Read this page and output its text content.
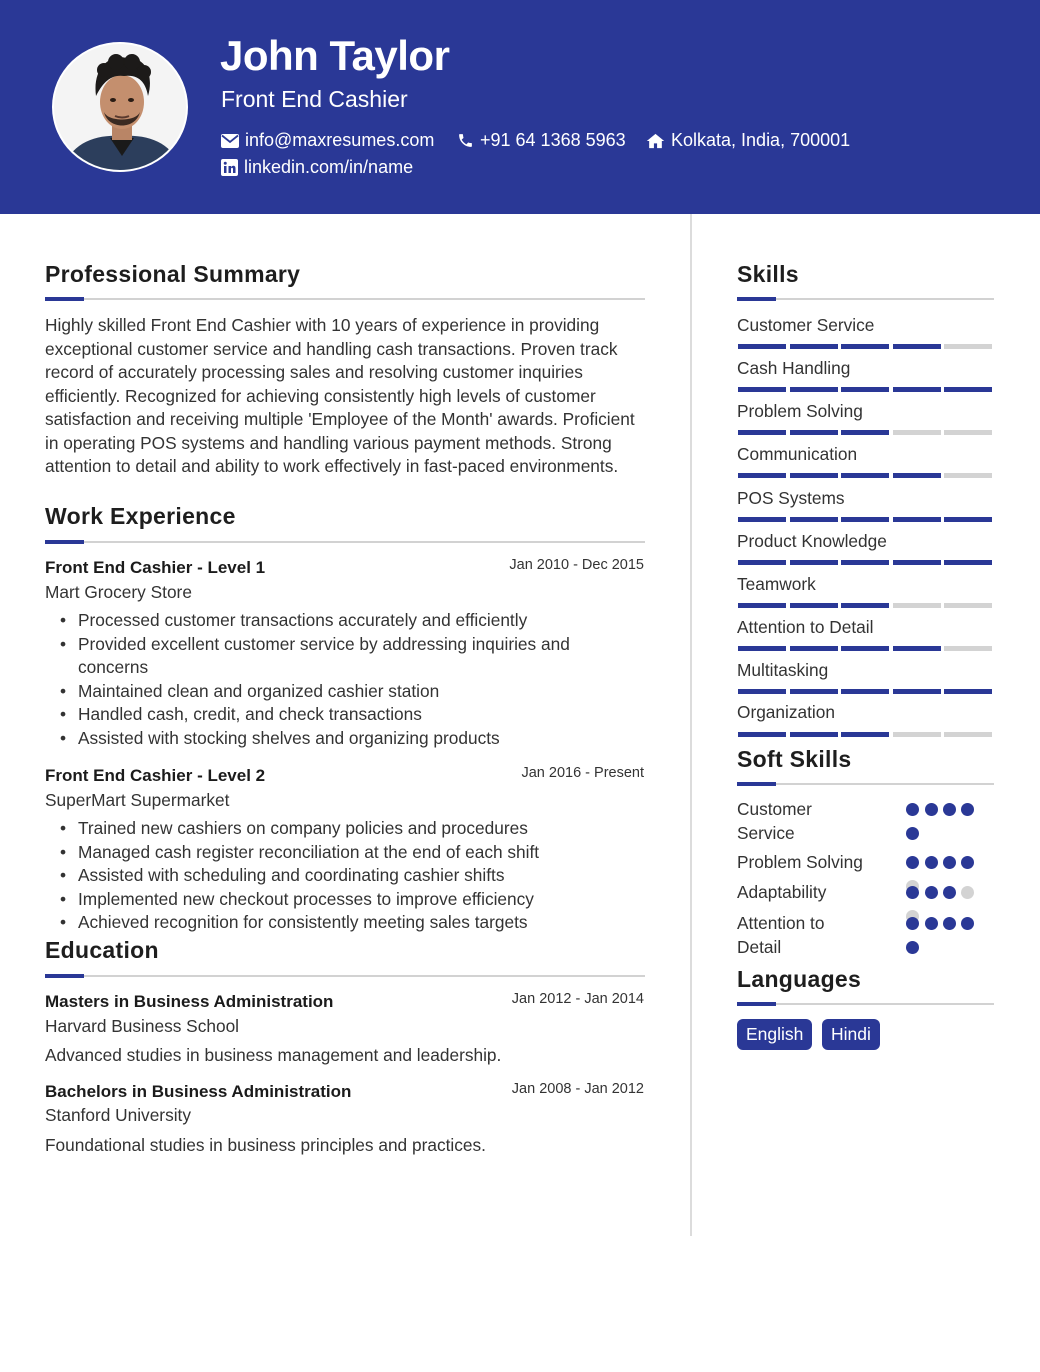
John Taylor
Front End Cashier
info@maxresumes.com	+91 64 1368 5963	Kolkata, India, 700001
linkedin.com/in/name
Professional Summary
Highly skilled Front End Cashier with 10 years of experience in providing exceptional customer service and handling cash transactions. Proven track record of accurately processing sales and resolving customer inquiries efficiently. Recognized for achieving consistently high levels of customer satisfaction and receiving multiple 'Employee of the Month' awards. Proficient in operating POS systems and handling various payment methods. Strong attention to detail and ability to work effectively in fast-paced environments.
Work Experience
Front End Cashier - Level 1	Jan 2010 - Dec 2015
Mart Grocery Store
• Processed customer transactions accurately and efficiently
• Provided excellent customer service by addressing inquiries and concerns
• Maintained clean and organized cashier station
• Handled cash, credit, and check transactions
• Assisted with stocking shelves and organizing products
Front End Cashier - Level 2	Jan 2016 - Present
SuperMart Supermarket
• Trained new cashiers on company policies and procedures
• Managed cash register reconciliation at the end of each shift
• Assisted with scheduling and coordinating cashier shifts
• Implemented new checkout processes to improve efficiency
• Achieved recognition for consistently meeting sales targets
Education
Masters in Business Administration	Jan 2012 - Jan 2014
Harvard Business School
Advanced studies in business management and leadership.
Bachelors in Business Administration	Jan 2008 - Jan 2012
Stanford University
Foundational studies in business principles and practices.
Skills
Customer Service
Cash Handling
Problem Solving
Communication
POS Systems
Product Knowledge
Teamwork
Attention to Detail
Multitasking
Organization
Soft Skills
Customer Service
Problem Solving
Adaptability
Attention to Detail
Languages
English	Hindi
